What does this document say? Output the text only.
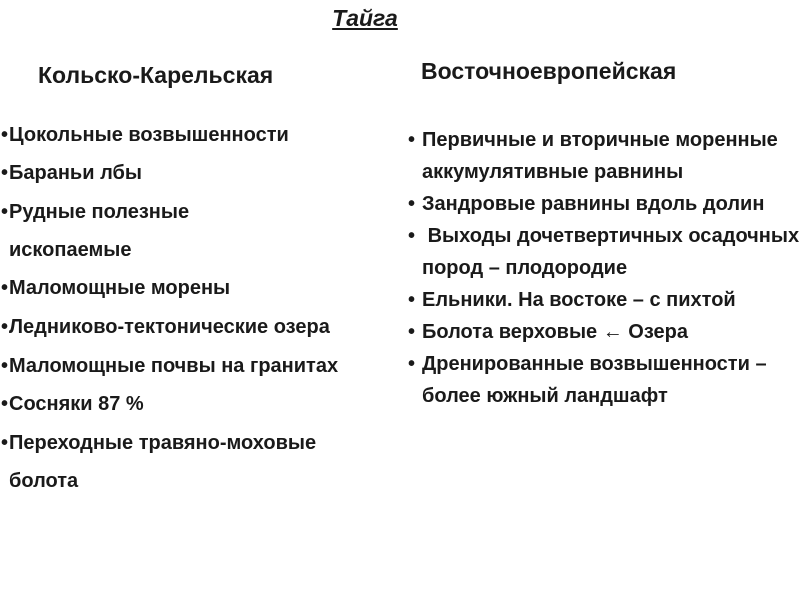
Тайга
Кольско-Карельская	Восточноевропейская
• Цокольные возвышенности
• Бараньи лбы
• Рудные полезные ископаемые
• Маломощные морены
• Ледниково-тектонические озера
• Маломощные почвы на гранитах
• Сосняки 87 %
• Переходные травяно-моховые болота
• Первичные и вторичные моренные аккумулятивные равнины
• Зандровые равнины вдоль долин
• Выходы дочетвертичных осадочных пород – плодородие
• Ельники. На востоке – с пихтой
• Болота верховые ← Озера
• Дренированные возвышенности – более южный ландшафт
